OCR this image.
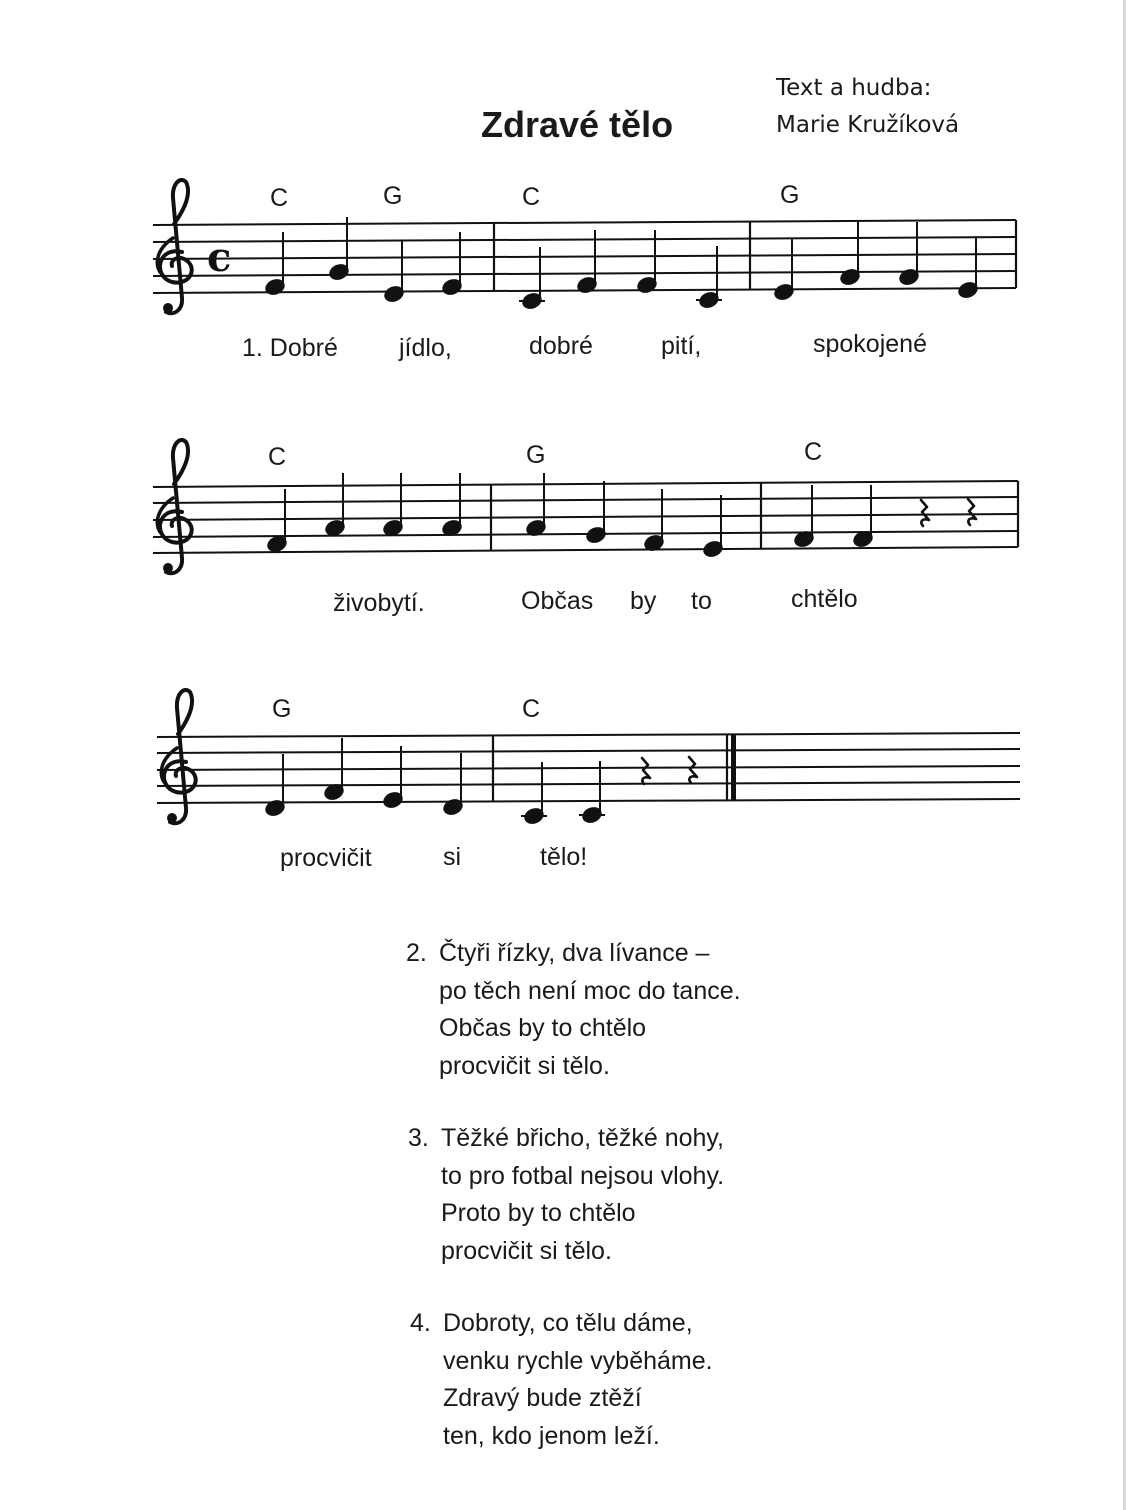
Zdravé tělo
Text a hudba:
Marie Kružíková
C	G	C	G
C	G	C
G	C
1. Dobré jídlo,	dobré	pití,	spokojené
živobytí.	Občas by to	chtělo
procvičit	si	tělo!
c
2. Čtyři řízky, dva lívance –
po těch není moc do tance.
Občas by to chtělo
procvičit si tělo.
3. Těžké břicho, těžké nohy,
to pro fotbal nejsou vlohy.
Proto by to chtělo
procvičit si tělo.
4. Dobroty, co tělu dáme,
venku rychle vyběháme.
Zdravý bude ztěží
ten, kdo jenom leží.
